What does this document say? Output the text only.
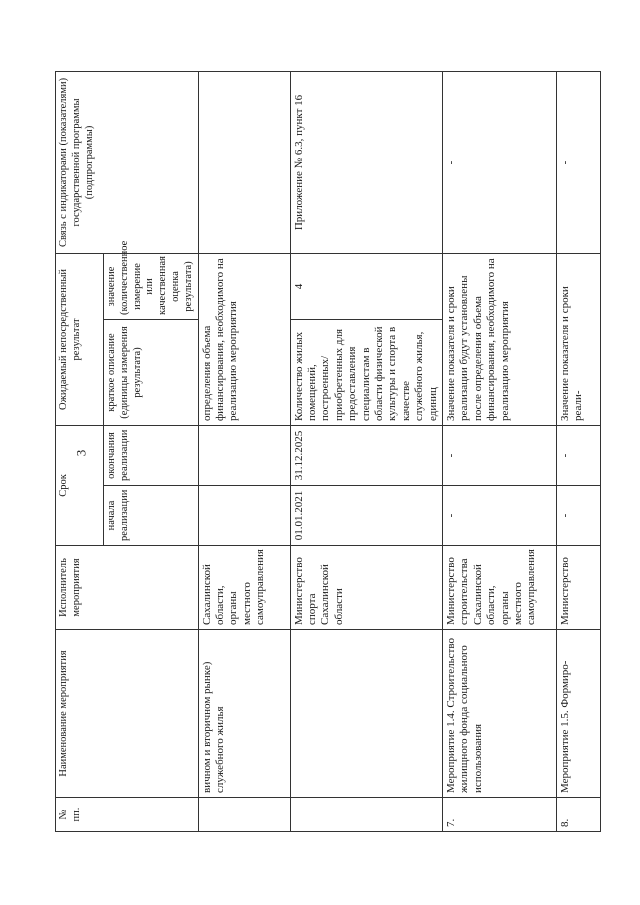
3
№ пп.	Наименование мероприятия	Исполнитель мероприятия	Срок		Ожидаемый непосредственный результат		Связь с индикаторами (показателями) государственной программы (подпрограммы)
			начала реализации	окончания реализации	краткое описание (единицы измерения результата)	значение (количественное измерение или качественная оценка результата)	
	вичном и вторичном рынке) служебного жилья	Сахалинской области, органы местного самоуправления			определения объема финансирования, необходимого на реализацию мероприятия		
		Министерство спорта Сахалинской области	01.01.2021	31.12.2025	Количество жилых помещений, построенных/приобретенных для предоставления специалистам в области физической культуры и спорта в качестве служебного жилья, единиц	4	Приложение № 6.3, пункт 16
7.	Мероприятие 1.4. Строительство жилищного фонда социального использования	Министерство строительства Сахалинской области, органы местного самоуправления	-	-	Значение показателя и сроки реализации будут установлены после определения объема финансирования, необходимого на реализацию мероприятия		-
8.	Мероприятие 1.5. Формиро-	Министерство	-	-	Значение показателя и сроки реали-		-
